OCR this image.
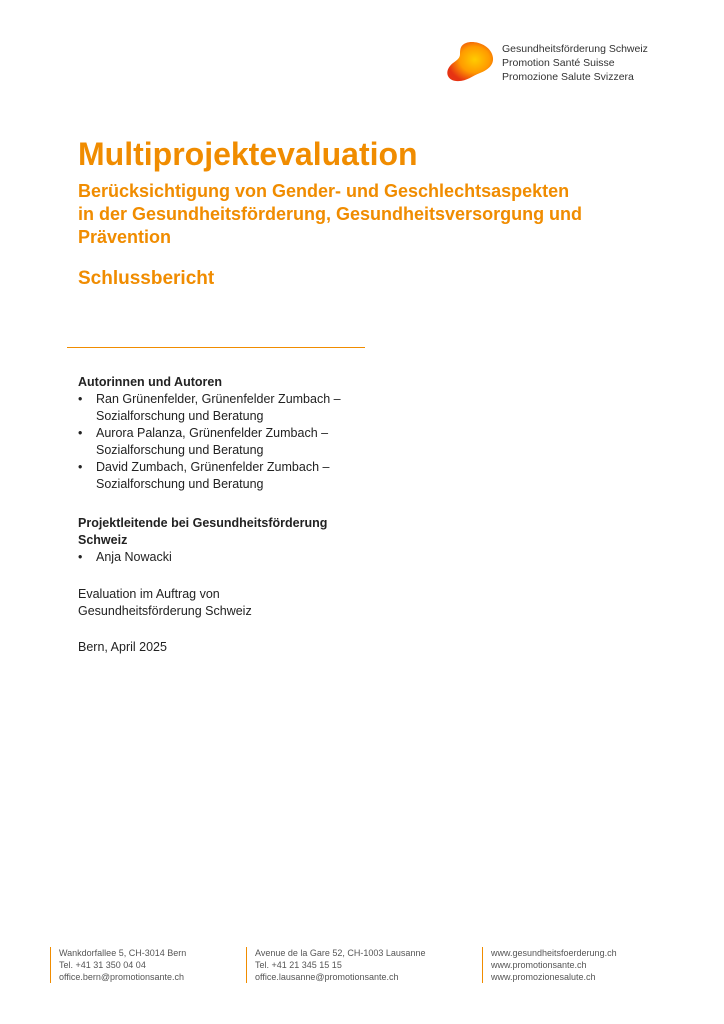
Gesundheitsförderung Schweiz
Promotion Santé Suisse
Promozione Salute Svizzera
Multiprojektevaluation
Berücksichtigung von Gender- und Geschlechtsaspekten
in der Gesundheitsförderung, Gesundheitsversorgung und
Prävention
Schlussbericht
Autorinnen und Autoren
• Ran Grünenfelder, Grünenfelder Zumbach –
Sozialforschung und Beratung
• Aurora Palanza, Grünenfelder Zumbach –
Sozialforschung und Beratung
• David Zumbach, Grünenfelder Zumbach –
Sozialforschung und Beratung
Projektleitende bei Gesundheitsförderung
Schweiz
• Anja Nowacki
Evaluation im Auftrag von
Gesundheitsförderung Schweiz
Bern, April 2025
Wankdorfallee 5, CH-3014 Bern
Tel. +41 31 350 04 04
office.bern@promotionsante.ch
Avenue de la Gare 52, CH-1003 Lausanne
Tel. +41 21 345 15 15
office.lausanne@promotionsante.ch
www.gesundheitsfoerderung.ch
www.promotionsante.ch
www.promozionesalute.ch
